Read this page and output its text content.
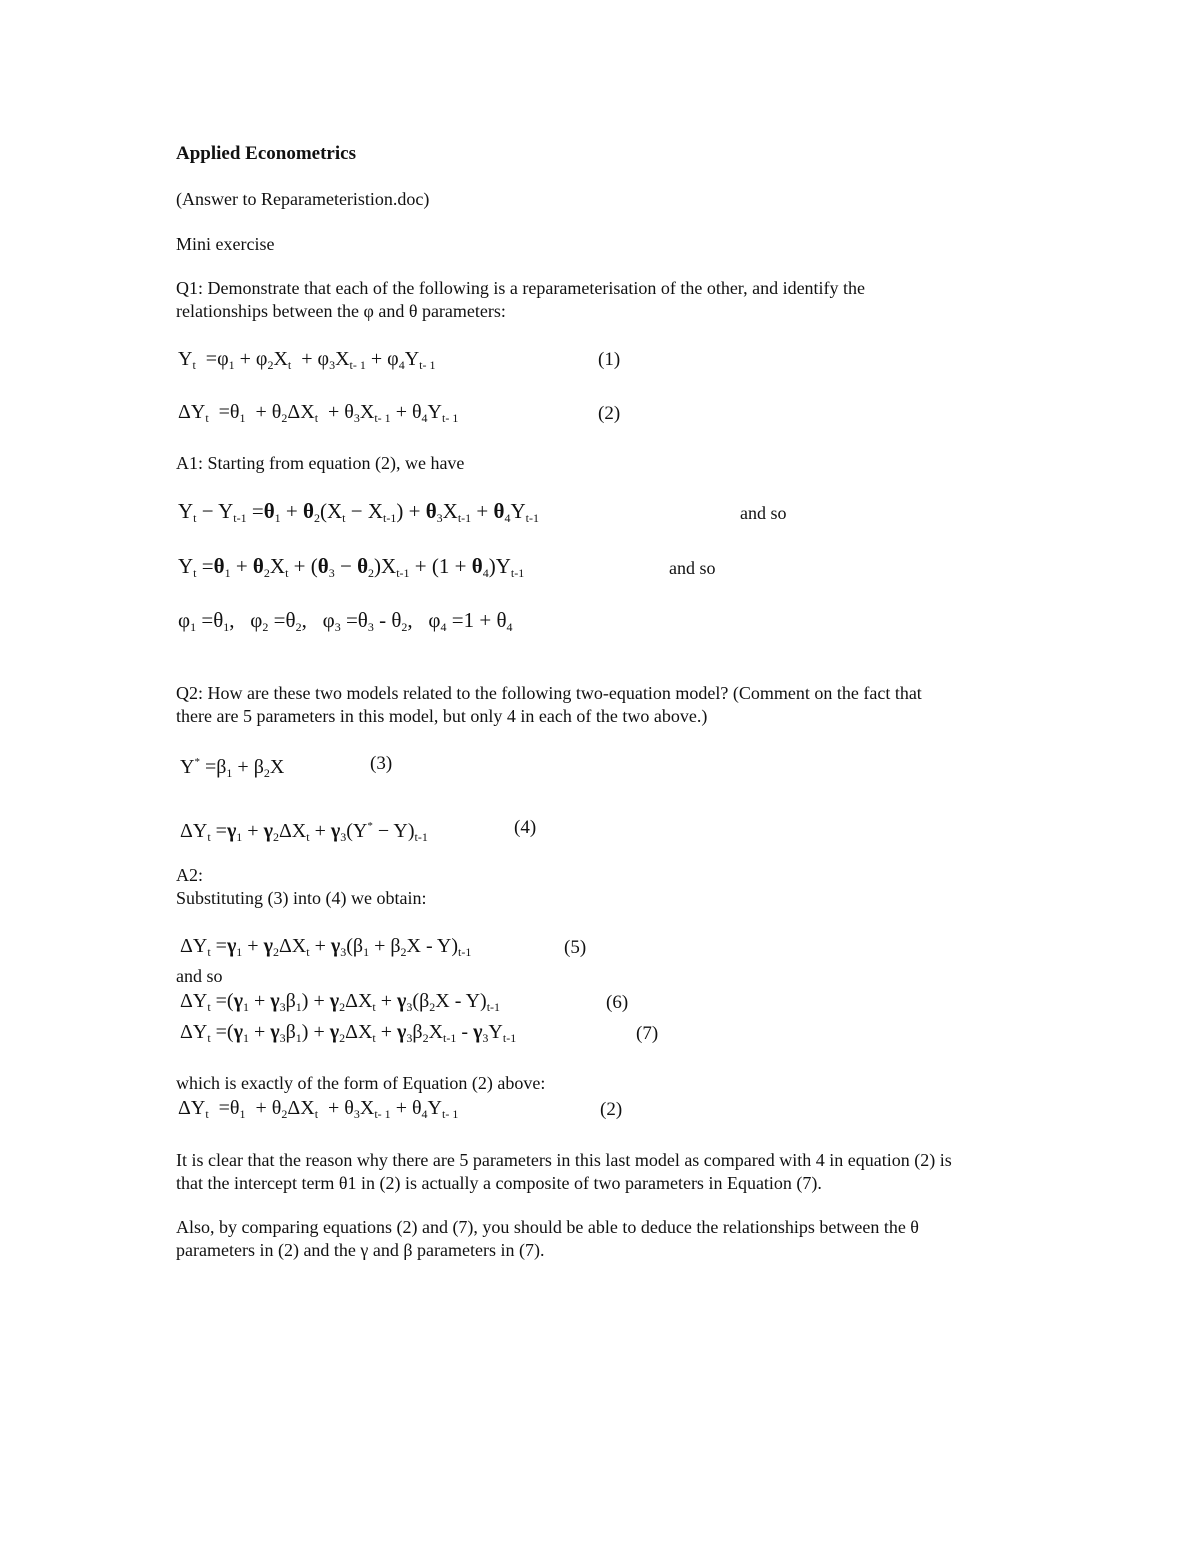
Applied Econometrics
(Answer to Reparameteristion.doc)
Mini exercise
Q1: Demonstrate that each of the following is a reparameterisation of the other, and identify the
relationships between the φ and θ parameters:
$Y_t =\varphi_1 + \varphi_2X_t + \varphi_3X_{t- 1} + \varphi_4Y_{t- 1}$	(1)
$\Delta Y_t =\theta_1 + \theta_2\Delta X_t + \theta_3X_{t- 1} + \theta_4Y_{t- 1}$	(2)
A1: Starting from equation (2), we have
$Y_t - Y_{t-1} =\theta_1 + \theta_2(X_t - X_{t-1}) + \theta_3X_{t-1} + \theta_4Y_{t-1}$	and so
$Y_t =\theta_1 + \theta_2X_t + (\theta_3 - \theta_2)X_{t-1} + (1 + \theta_4)Y_{t-1}$	and so
$\varphi_1 =\theta_1$,   $\varphi_2 =\theta_2$,   $\varphi_3 =\theta_3 - \theta_2$,   $\varphi_4 =1 + \theta_4$
Q2: How are these two models related to the following two-equation model? (Comment on the fact that
there are 5 parameters in this model, but only 4 in each of the two above.)
$Y^* =\beta_1 + \beta_2X$	(3)
$\Delta Y_t =\gamma_1 + \gamma_2\Delta X_t + \gamma_3(Y^* - Y)_{t-1}$	(4)
A2:
Substituting (3) into (4) we obtain:
$\Delta Y_t =\gamma_1 + \gamma_2\Delta X_t + \gamma_3(\beta_1 + \beta_2X - Y)_{t-1}$	(5)
and so
$\Delta Y_t =(\gamma_1 + \gamma_3\beta_1) + \gamma_2\Delta X_t + \gamma_3(\beta_2X - Y)_{t-1}$	(6)
$\Delta Y_t =(\gamma_1 + \gamma_3\beta_1) + \gamma_2\Delta X_t + \gamma_3\beta_2X_{t-1} - \gamma_3Y_{t-1}$	(7)
which is exactly of the form of Equation (2) above:
$\Delta Y_t =\theta_1 + \theta_2\Delta X_t + \theta_3X_{t- 1} + \theta_4Y_{t- 1}$	(2)
It is clear that the reason why there are 5 parameters in this last model as compared with 4 in equation (2) is
that the intercept term θ1 in (2) is actually a composite of two parameters in Equation (7).
Also, by comparing equations (2) and (7), you should be able to deduce the relationships between the θ
parameters in (2) and the γ and β parameters in (7).
